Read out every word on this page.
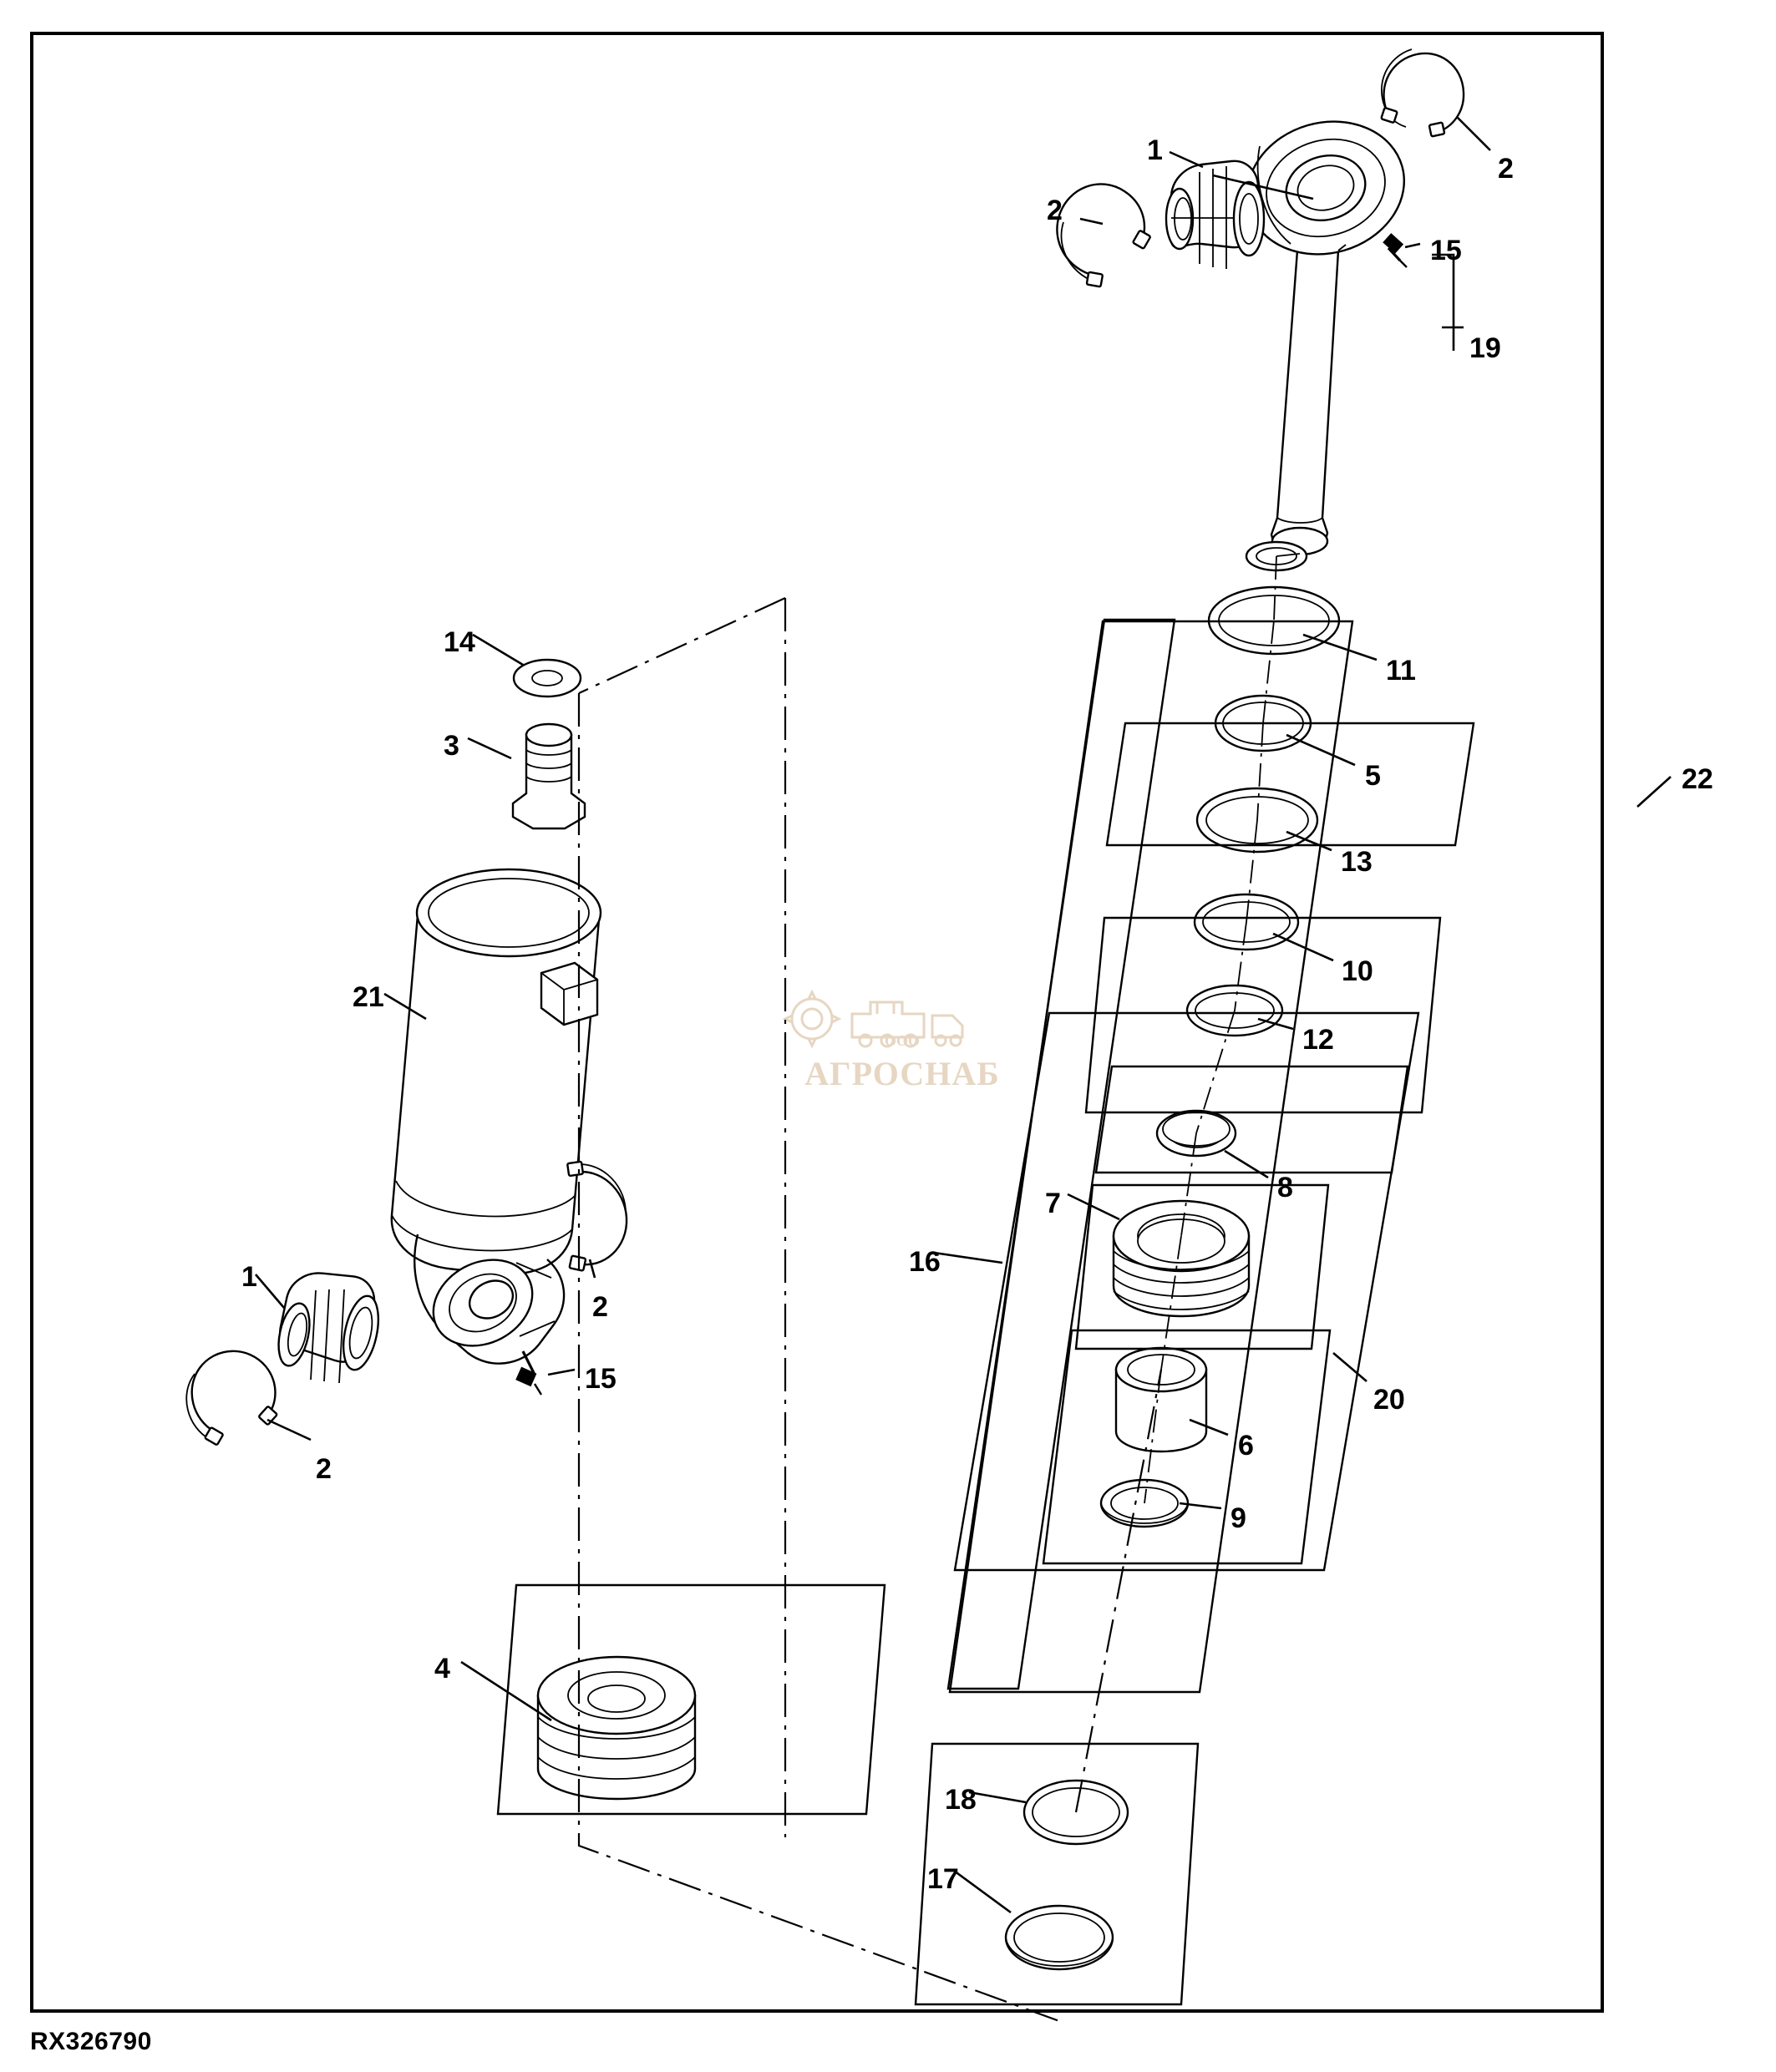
ООО
АГРОСНАБ
1
2
2
15
19
11
5
13
10
12
8
7
16
20
6
9
22
14
3
21
2
1
15
2
4
18
17
RX326790
